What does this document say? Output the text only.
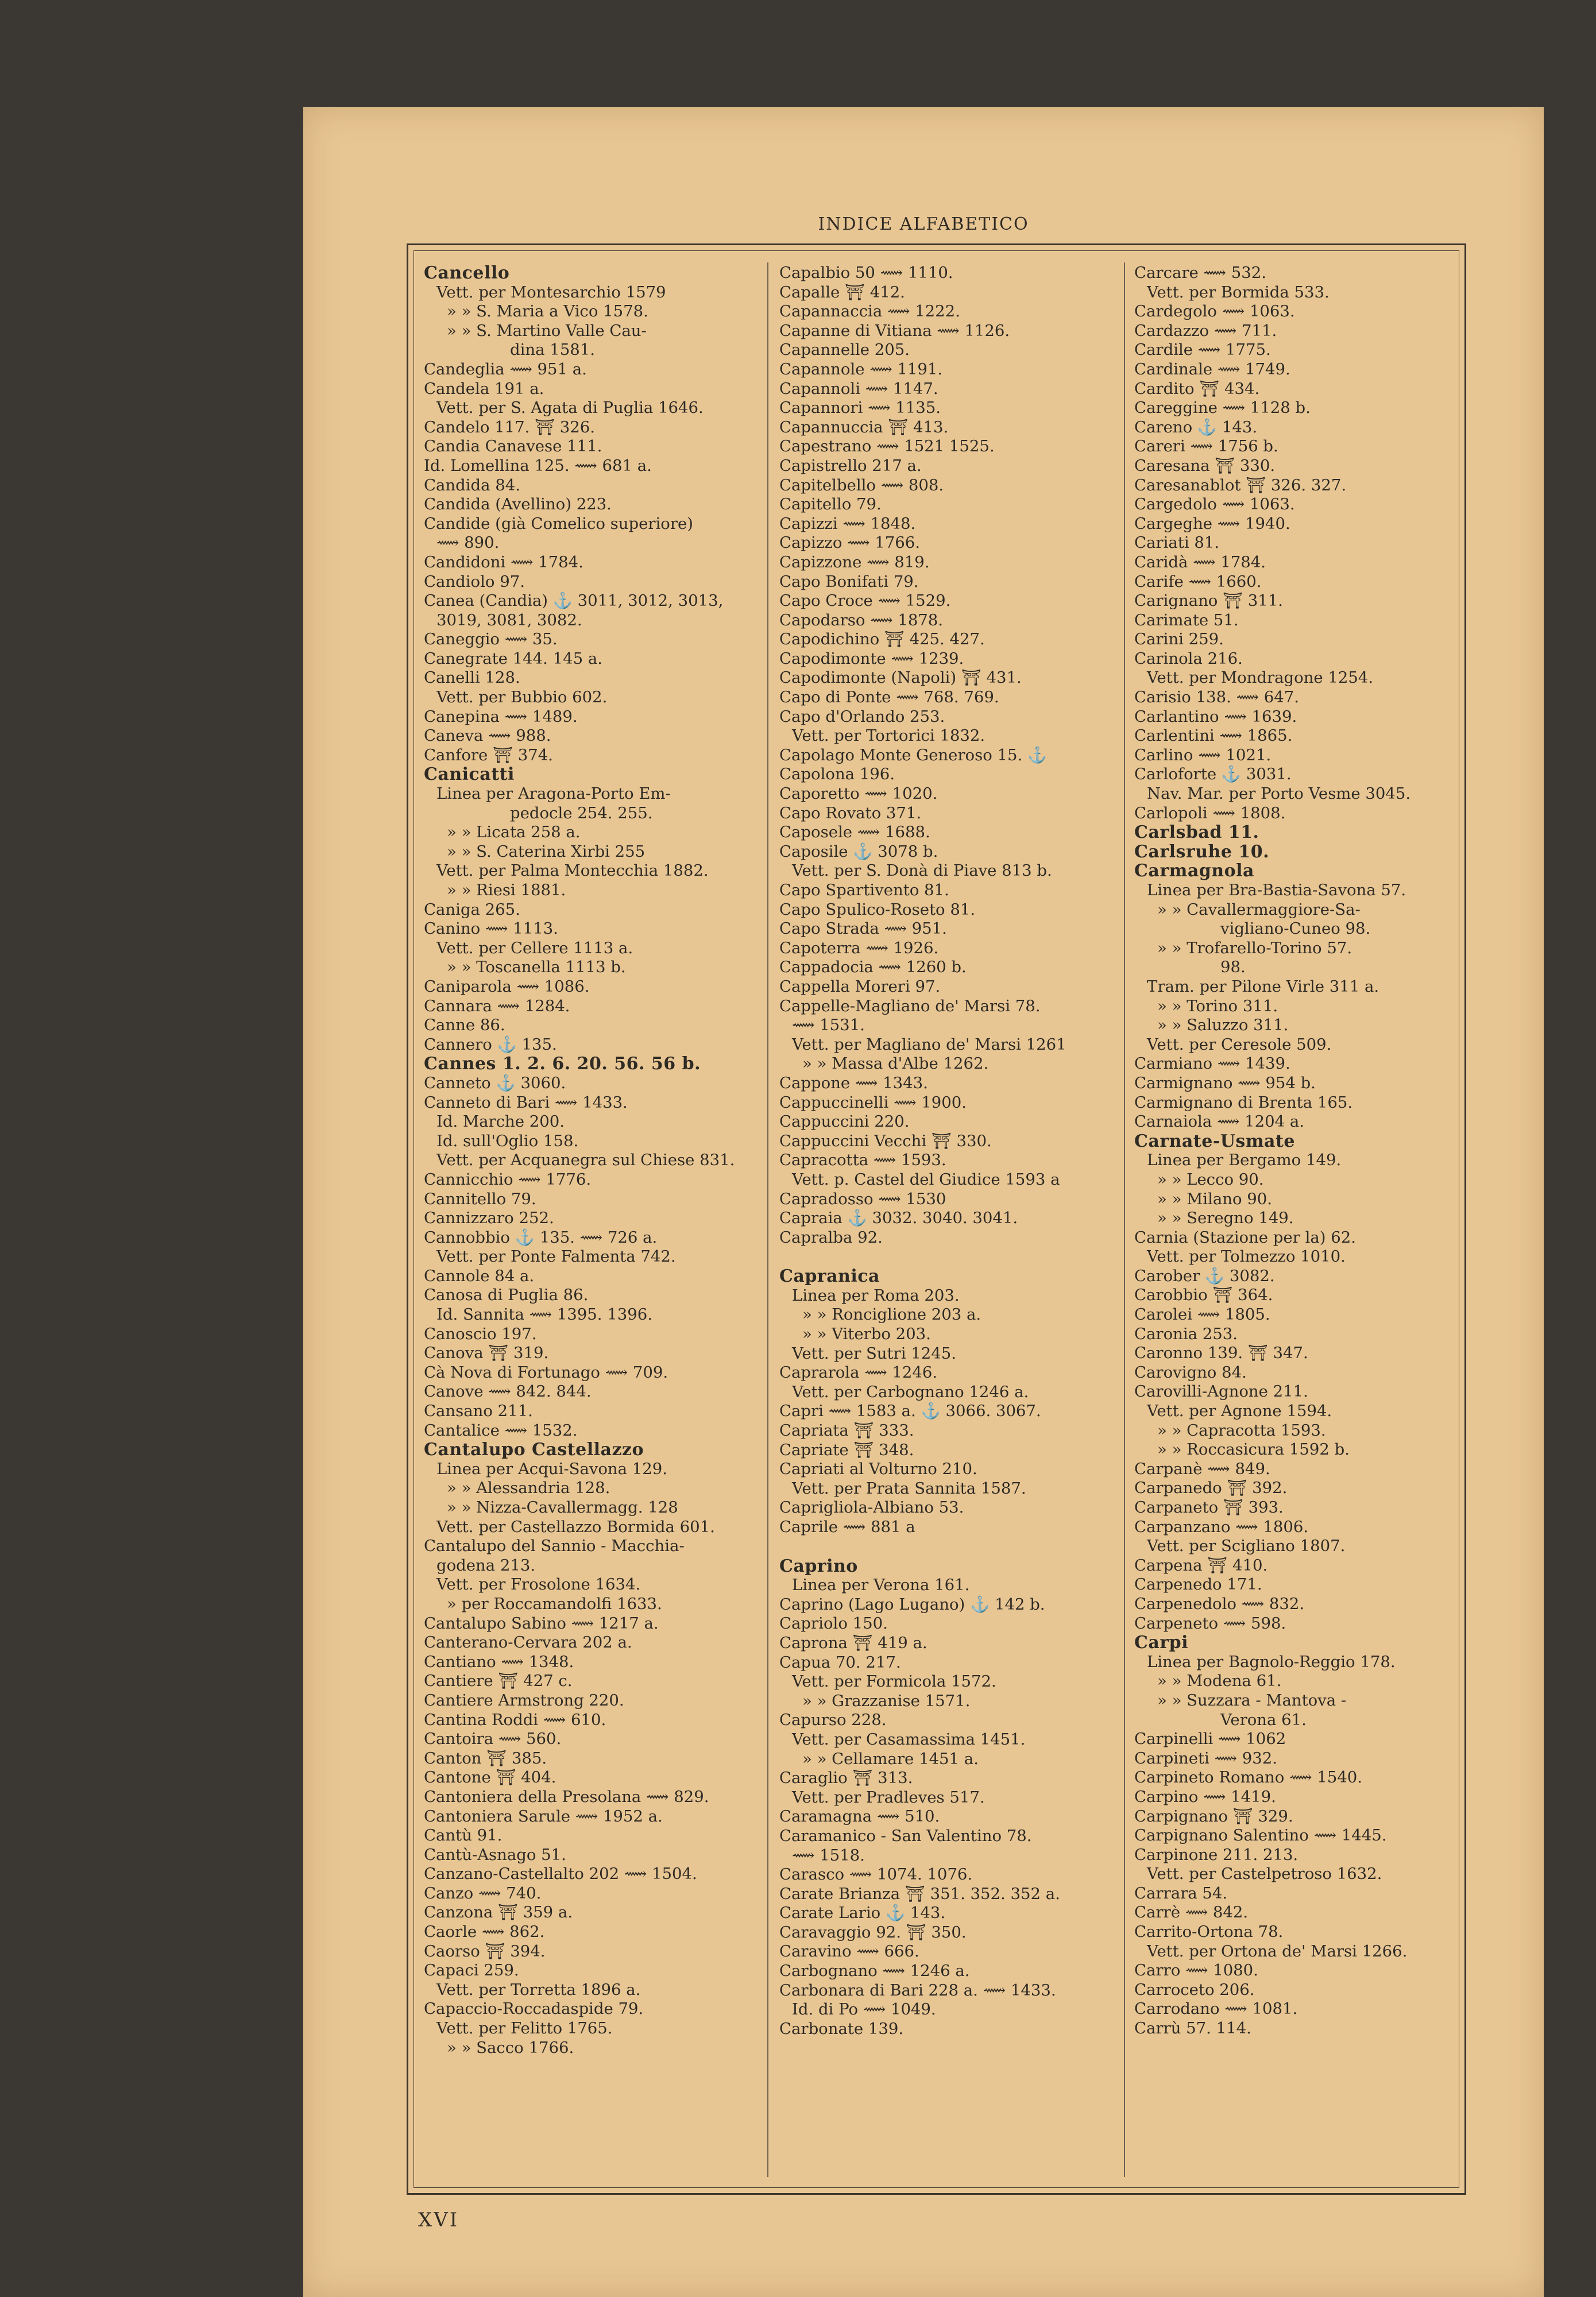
INDICE ALFABETICO
Cancello
Vett. per Montesarchio 1579
» » S. Maria a Vico 1578.
» » S. Martino Valle Cau-
dina 1581.
Candeglia ⟿ 951 a.
Candela 191 a.
Vett. per S. Agata di Puglia 1646.
Candelo 117. ⛩ 326.
Candia Canavese 111.
Id. Lomellina 125. ⟿ 681 a.
Candida 84.
Candida (Avellino) 223.
Candide (già Comelico superiore)
⟿ 890.
Candidoni ⟿ 1784.
Candiolo 97.
Canea (Candia) ⚓ 3011, 3012, 3013,
3019, 3081, 3082.
Caneggio ⟿ 35.
Canegrate 144. 145 a.
Canelli 128.
Vett. per Bubbio 602.
Canepina ⟿ 1489.
Caneva ⟿ 988.
Canfore ⛩ 374.
Canicatti
Linea per Aragona-Porto Em-
pedocle 254. 255.
» » Licata 258 a.
» » S. Caterina Xirbi 255
Vett. per Palma Montecchia 1882.
» » Riesi 1881.
Caniga 265.
Canino ⟿ 1113.
Vett. per Cellere 1113 a.
» » Toscanella 1113 b.
Caniparola ⟿ 1086.
Cannara ⟿ 1284.
Canne 86.
Cannero ⚓ 135.
Cannes 1. 2. 6. 20. 56. 56 b.
Canneto ⚓ 3060.
Canneto di Bari ⟿ 1433.
Id. Marche 200.
Id. sull'Oglio 158.
Vett. per Acquanegra sul Chiese 831.
Cannicchio ⟿ 1776.
Cannitello 79.
Cannizzaro 252.
Cannobbio ⚓ 135. ⟿ 726 a.
Vett. per Ponte Falmenta 742.
Cannole 84 a.
Canosa di Puglia 86.
Id. Sannita ⟿ 1395. 1396.
Canoscio 197.
Canova ⛩ 319.
Cà Nova di Fortunago ⟿ 709.
Canove ⟿ 842. 844.
Cansano 211.
Cantalice ⟿ 1532.
Cantalupo Castellazzo
Linea per Acqui-Savona 129.
» » Alessandria 128.
» » Nizza-Cavallermagg. 128
Vett. per Castellazzo Bormida 601.
Cantalupo del Sannio - Macchia-
godena 213.
Vett. per Frosolone 1634.
» per Roccamandolfi 1633.
Cantalupo Sabino ⟿ 1217 a.
Canterano-Cervara 202 a.
Cantiano ⟿ 1348.
Cantiere ⛩ 427 c.
Cantiere Armstrong 220.
Cantina Roddi ⟿ 610.
Cantoira ⟿ 560.
Canton ⛩ 385.
Cantone ⛩ 404.
Cantoniera della Presolana ⟿ 829.
Cantoniera Sarule ⟿ 1952 a.
Cantù 91.
Cantù-Asnago 51.
Canzano-Castellalto 202 ⟿ 1504.
Canzo ⟿ 740.
Canzona ⛩ 359 a.
Caorle ⟿ 862.
Caorso ⛩ 394.
Capaci 259.
Vett. per Torretta 1896 a.
Capaccio-Roccadaspide 79.
Vett. per Felitto 1765.
» » Sacco 1766.
Capalbio 50 ⟿ 1110.
Capalle ⛩ 412.
Capannaccia ⟿ 1222.
Capanne di Vitiana ⟿ 1126.
Capannelle 205.
Capannole ⟿ 1191.
Capannoli ⟿ 1147.
Capannori ⟿ 1135.
Capannuccia ⛩ 413.
Capestrano ⟿ 1521 1525.
Capistrello 217 a.
Capitelbello ⟿ 808.
Capitello 79.
Capizzi ⟿ 1848.
Capizzo ⟿ 1766.
Capizzone ⟿ 819.
Capo Bonifati 79.
Capo Croce ⟿ 1529.
Capodarso ⟿ 1878.
Capodichino ⛩ 425. 427.
Capodimonte ⟿ 1239.
Capodimonte (Napoli) ⛩ 431.
Capo di Ponte ⟿ 768. 769.
Capo d'Orlando 253.
Vett. per Tortorici 1832.
Capolago Monte Generoso 15. ⚓
Capolona 196.
Caporetto ⟿ 1020.
Capo Rovato 371.
Caposele ⟿ 1688.
Caposile ⚓ 3078 b.
Vett. per S. Donà di Piave 813 b.
Capo Spartivento 81.
Capo Spulico-Roseto 81.
Capo Strada ⟿ 951.
Capoterra ⟿ 1926.
Cappadocia ⟿ 1260 b.
Cappella Moreri 97.
Cappelle-Magliano de' Marsi 78.
⟿ 1531.
Vett. per Magliano de' Marsi 1261
» » Massa d'Albe 1262.
Cappone ⟿ 1343.
Cappuccinelli ⟿ 1900.
Cappuccini 220.
Cappuccini Vecchi ⛩ 330.
Capracotta ⟿ 1593.
Vett. p. Castel del Giudice 1593 a
Capradosso ⟿ 1530
Capraia ⚓ 3032. 3040. 3041.
Capralba 92.
Capranica
Linea per Roma 203.
» » Ronciglione 203 a.
» » Viterbo 203.
Vett. per Sutri 1245.
Caprarola ⟿ 1246.
Vett. per Carbognano 1246 a.
Capri ⟿ 1583 a. ⚓ 3066. 3067.
Capriata ⛩ 333.
Capriate ⛩ 348.
Capriati al Volturno 210.
Vett. per Prata Sannita 1587.
Caprigliola-Albiano 53.
Caprile ⟿ 881 a
Caprino
Linea per Verona 161.
Caprino (Lago Lugano) ⚓ 142 b.
Capriolo 150.
Caprona ⛩ 419 a.
Capua 70. 217.
Vett. per Formicola 1572.
» » Grazzanise 1571.
Capurso 228.
Vett. per Casamassima 1451.
» » Cellamare 1451 a.
Caraglio ⛩ 313.
Vett. per Pradleves 517.
Caramagna ⟿ 510.
Caramanico - San Valentino 78.
⟿ 1518.
Carasco ⟿ 1074. 1076.
Carate Brianza ⛩ 351. 352. 352 a.
Carate Lario ⚓ 143.
Caravaggio 92. ⛩ 350.
Caravino ⟿ 666.
Carbognano ⟿ 1246 a.
Carbonara di Bari 228 a. ⟿ 1433.
Id. di Po ⟿ 1049.
Carbonate 139.
Carcare ⟿ 532.
Vett. per Bormida 533.
Cardegolo ⟿ 1063.
Cardazzo ⟿ 711.
Cardile ⟿ 1775.
Cardinale ⟿ 1749.
Cardito ⛩ 434.
Careggine ⟿ 1128 b.
Careno ⚓ 143.
Careri ⟿ 1756 b.
Caresana ⛩ 330.
Caresanablot ⛩ 326. 327.
Cargedolo ⟿ 1063.
Cargeghe ⟿ 1940.
Cariati 81.
Caridà ⟿ 1784.
Carife ⟿ 1660.
Carignano ⛩ 311.
Carimate 51.
Carini 259.
Carinola 216.
Vett. per Mondragone 1254.
Carisio 138. ⟿ 647.
Carlantino ⟿ 1639.
Carlentini ⟿ 1865.
Carlino ⟿ 1021.
Carloforte ⚓ 3031.
Nav. Mar. per Porto Vesme 3045.
Carlopoli ⟿ 1808.
Carlsbad 11.
Carlsruhe 10.
Carmagnola
Linea per Bra-Bastia-Savona 57.
» » Cavallermaggiore-Sa-
vigliano-Cuneo 98.
» » Trofarello-Torino 57.
98.
Tram. per Pilone Virle 311 a.
» » Torino 311.
» » Saluzzo 311.
Vett. per Ceresole 509.
Carmiano ⟿ 1439.
Carmignano ⟿ 954 b.
Carmignano di Brenta 165.
Carnaiola ⟿ 1204 a.
Carnate-Usmate
Linea per Bergamo 149.
» » Lecco 90.
» » Milano 90.
» » Seregno 149.
Carnia (Stazione per la) 62.
Vett. per Tolmezzo 1010.
Carober ⚓ 3082.
Carobbio ⛩ 364.
Carolei ⟿ 1805.
Caronia 253.
Caronno 139. ⛩ 347.
Carovigno 84.
Carovilli-Agnone 211.
Vett. per Agnone 1594.
» » Capracotta 1593.
» » Roccasicura 1592 b.
Carpanè ⟿ 849.
Carpanedo ⛩ 392.
Carpaneto ⛩ 393.
Carpanzano ⟿ 1806.
Vett. per Scigliano 1807.
Carpena ⛩ 410.
Carpenedo 171.
Carpenedolo ⟿ 832.
Carpeneto ⟿ 598.
Carpi
Linea per Bagnolo-Reggio 178.
» » Modena 61.
» » Suzzara - Mantova -
Verona 61.
Carpinelli ⟿ 1062
Carpineti ⟿ 932.
Carpineto Romano ⟿ 1540.
Carpino ⟿ 1419.
Carpignano ⛩ 329.
Carpignano Salentino ⟿ 1445.
Carpinone 211. 213.
Vett. per Castelpetroso 1632.
Carrara 54.
Carrè ⟿ 842.
Carrito-Ortona 78.
Vett. per Ortona de' Marsi 1266.
Carro ⟿ 1080.
Carroceto 206.
Carrodano ⟿ 1081.
Carrù 57. 114.
XVI
